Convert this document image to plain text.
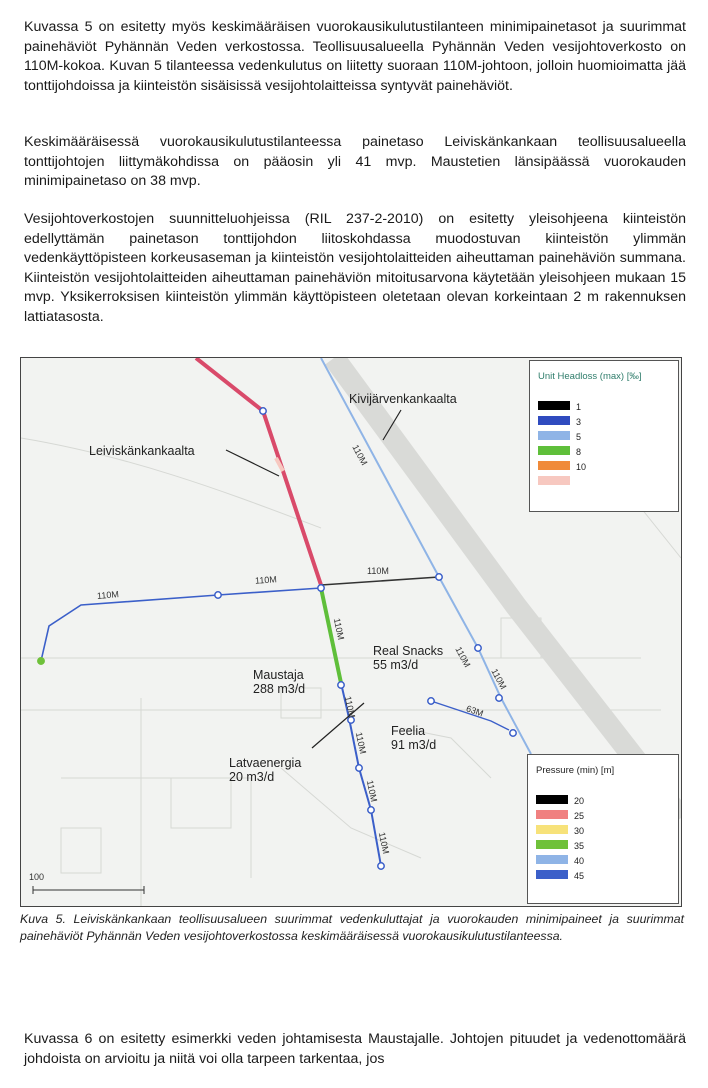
Kuvassa 5 on esitetty myös keskimääräisen vuorokausikulutustilanteen minimipainetasot ja suurimmat painehäviöt Pyhännän Veden verkostossa. Teollisuusalueella Pyhännän Veden vesijohtoverkosto on 110M-kokoa. Kuvan 5 tilanteessa vedenkulutus on liitetty suoraan 110M-johtoon, jolloin huomioimatta jää tonttijohdoissa ja kiinteistön sisäisissä vesijohtolaitteissa syntyvät painehäviöt.
Keskimääräisessä vuorokausikulutustilanteessa painetaso Leiviskänkankaan teollisuusalueella tonttijohtojen liittymäkohdissa on pääosin yli 41 mvp. Maustetien länsipäässä vuorokauden minimipainetaso on 38 mvp.
Vesijohtoverkostojen suunnitteluohjeissa (RIL 237-2-2010) on esitetty yleisohjeena kiinteistön edellyttämän painetason tonttijohdon liitoskohdassa muodostuvan kiinteistön ylimmän vedenkäyttöpisteen korkeusaseman ja kiinteistön vesijohtolaitteiden aiheuttaman painehäviön summana. Kiinteistön vesijohtolaitteiden aiheuttaman painehäviön mitoitusarvona käytetään yleisohjeen mukaan 15 mvp. Yksikerroksisen kiinteistön ylimmän käyttöpisteen oletetaan olevan korkeintaan 2 m rakennuksen lattiatasosta.
Kivijärvenkankaalta
Leiviskänkankaalta
Maustaja
288 m3/d
Real Snacks
55 m3/d
Feelia
91 m3/d
Latvaenergia
20 m3/d
110M
110M
110M
110M
110M
110M
110M
110M
110M
110M
110M
63M
100
Unit Headloss (max) [‰]
1
3
5
8
10
Pressure (min) [m]
20
25
30
35
40
45
Kuva 5. Leiviskänkankaan teollisuusalueen suurimmat vedenkuluttajat ja vuorokauden minimipaineet ja suurimmat painehäviöt Pyhännän Veden vesijohtoverkostossa keskimääräisessä vuorokausikulutustilanteessa.
Kuvassa 6 on esitetty esimerkki veden johtamisesta Maustajalle. Johtojen pituudet ja vedenottomäärä johdoista on arvioitu ja niitä voi olla tarpeen tarkentaa, jos
